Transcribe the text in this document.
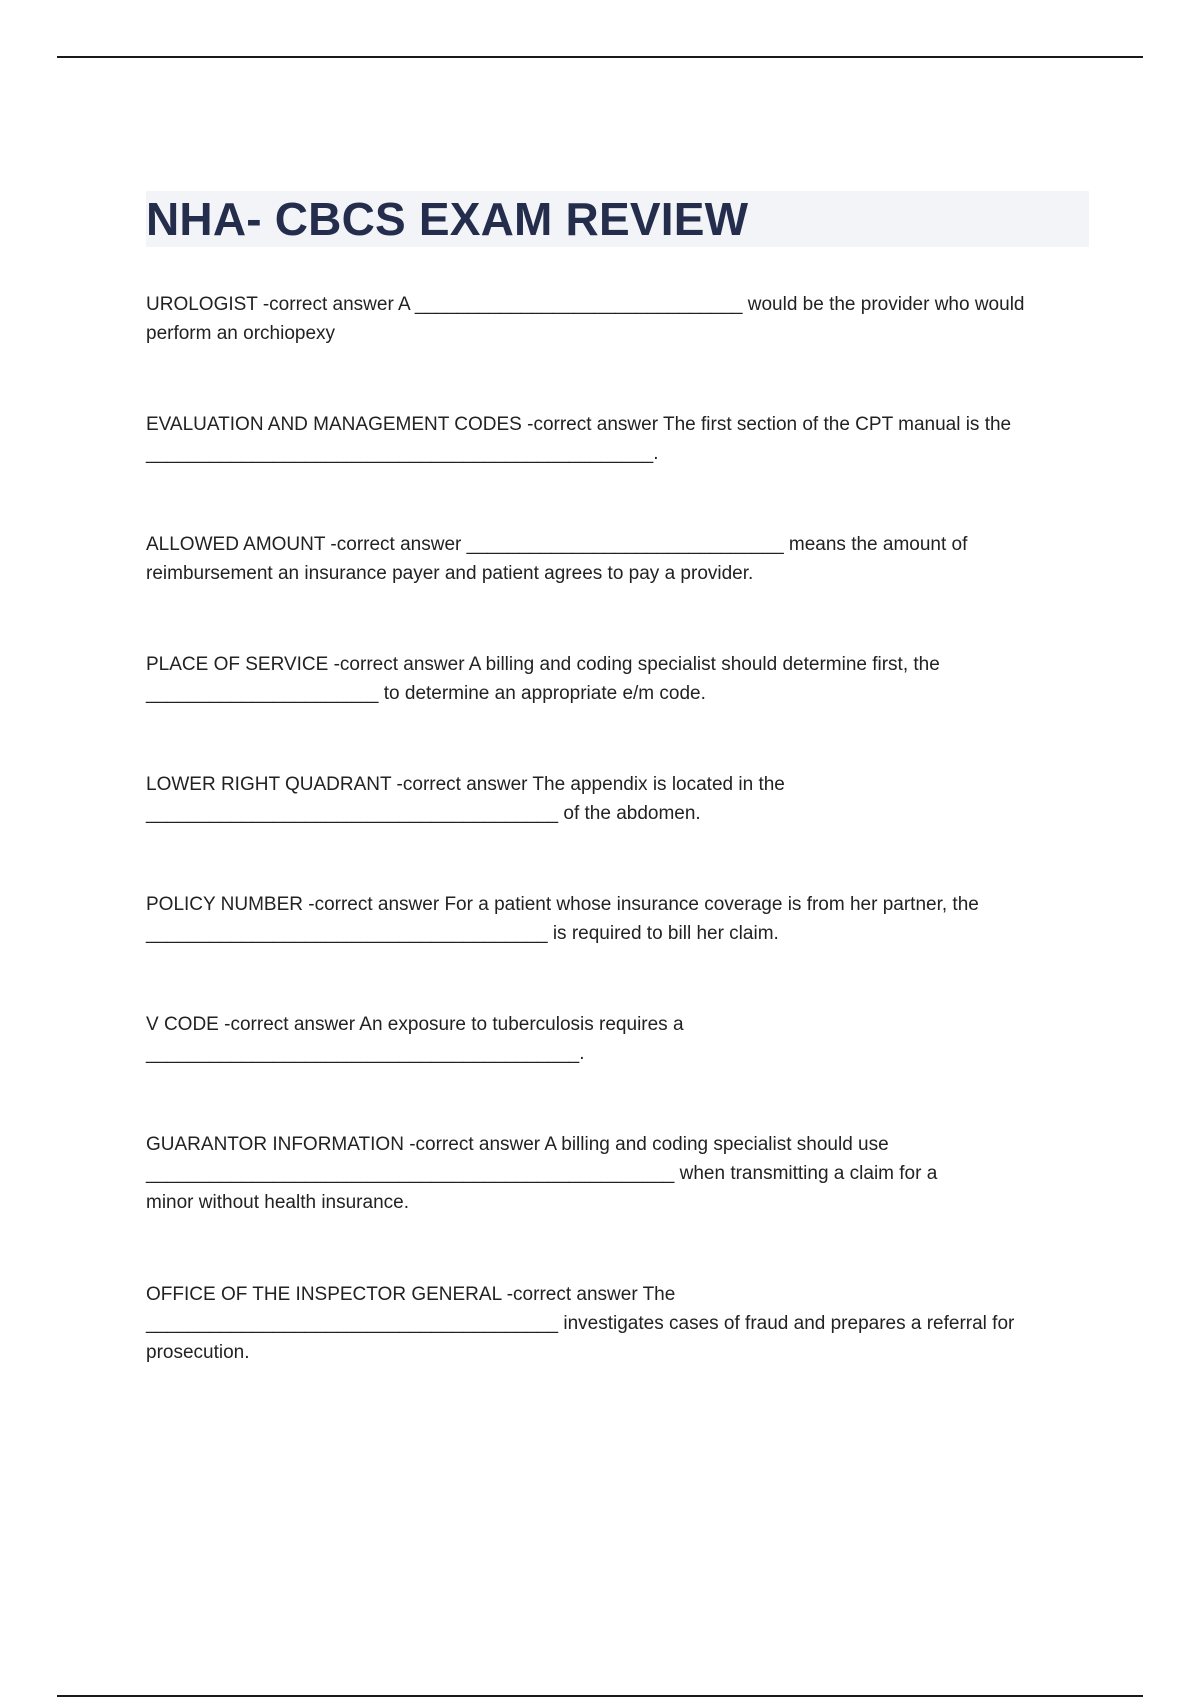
NHA- CBCS EXAM REVIEW

UROLOGIST -correct answer A _______________________________ would be the provider who would perform an orchiopexy

EVALUATION AND MANAGEMENT CODES -correct answer The first section of the CPT manual is the ________________________________________________.

ALLOWED AMOUNT -correct answer ______________________________ means the amount of reimbursement an insurance payer and patient agrees to pay a provider.

PLACE OF SERVICE -correct answer A billing and coding specialist should determine first, the ______________________ to determine an appropriate e/m code.

LOWER RIGHT QUADRANT -correct answer The appendix is located in the _______________________________________ of the abdomen.

POLICY NUMBER -correct answer For a patient whose insurance coverage is from her partner, the ______________________________________ is required to bill her claim.

V CODE -correct answer An exposure to tuberculosis requires a _________________________________________.

GUARANTOR INFORMATION -correct answer A billing and coding specialist should use __________________________________________________ when transmitting a claim for a minor without health insurance.

OFFICE OF THE INSPECTOR GENERAL -correct answer The _______________________________________ investigates cases of fraud and prepares a referral for prosecution.
